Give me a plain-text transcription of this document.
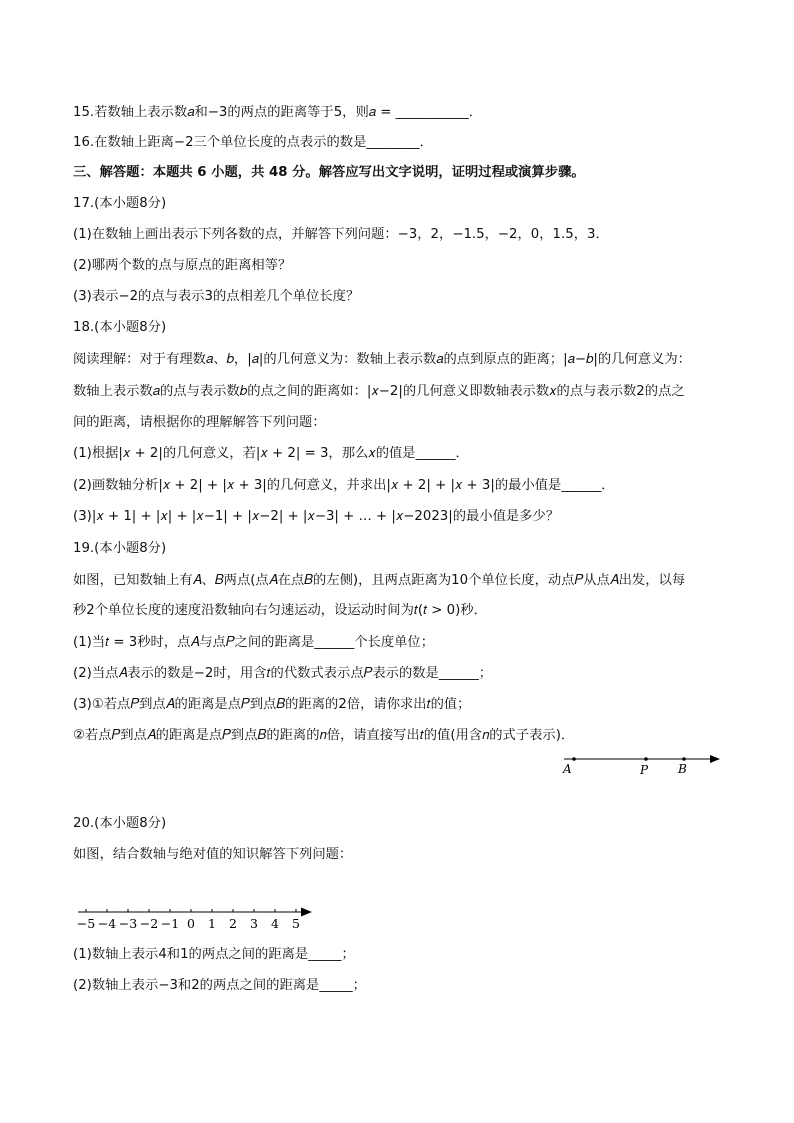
15.若数轴上表示数𝑎和−3的两点的距离等于5，则𝑎 = ___________．
16.在数轴上距离−2三个单位长度的点表示的数是________．
三、解答题：本题共 6 小题，共 48 分。解答应写出文字说明，证明过程或演算步骤。
17.(本小题8分)
(1)在数轴上画出表示下列各数的点，并解答下列问题：−3，2，−1.5，−2，0，1.5，3．
(2)哪两个数的点与原点的距离相等？
(3)表示−2的点与表示3的点相差几个单位长度？
18.(本小题8分)
阅读理解：对于有理数𝑎、𝑏，|𝑎|的几何意义为：数轴上表示数𝑎的点到原点的距离；|𝑎−𝑏|的几何意义为：
数轴上表示数𝑎的点与表示数𝑏的点之间的距离如：|𝑥−2|的几何意义即数轴表示数𝑥的点与表示数2的点之
间的距离，请根据你的理解解答下列问题：
(1)根据|𝑥 + 2|的几何意义，若|𝑥 + 2| = 3，那么𝑥的值是______．
(2)画数轴分析|𝑥 + 2| + |𝑥 + 3|的几何意义，并求出|𝑥 + 2| + |𝑥 + 3|的最小值是______．
(3)|𝑥 + 1| + |𝑥| + |𝑥−1| + |𝑥−2| + |𝑥−3| + … + |𝑥−2023|的最小值是多少？
19.(本小题8分)
如图，已知数轴上有𝐴、𝐵两点(点𝐴在点𝐵的左侧)，且两点距离为10个单位长度，动点𝑃从点𝐴出发，以每
秒2个单位长度的速度沿数轴向右匀速运动，设运动时间为𝑡(𝑡 > 0)秒．
(1)当𝑡 = 3秒时，点𝐴与点𝑃之间的距离是______个长度单位；
(2)当点𝐴表示的数是−2时，用含𝑡的代数式表示点𝑃表示的数是______；
(3)①若点𝑃到点𝐴的距离是点𝑃到点𝐵的距离的2倍，请你求出𝑡的值；
②若点𝑃到点𝐴的距离是点𝑃到点𝐵的距离的𝑛倍，请直接写出𝑡的值(用含𝑛的式子表示)．
A	P B
20.(本小题8分)
如图，结合数轴与绝对值的知识解答下列问题：
−5 −4 −3 −2 −1 0 1 2 3 4 5
(1)数轴上表示4和1的两点之间的距离是_____；
(2)数轴上表示−3和2的两点之间的距离是_____；
